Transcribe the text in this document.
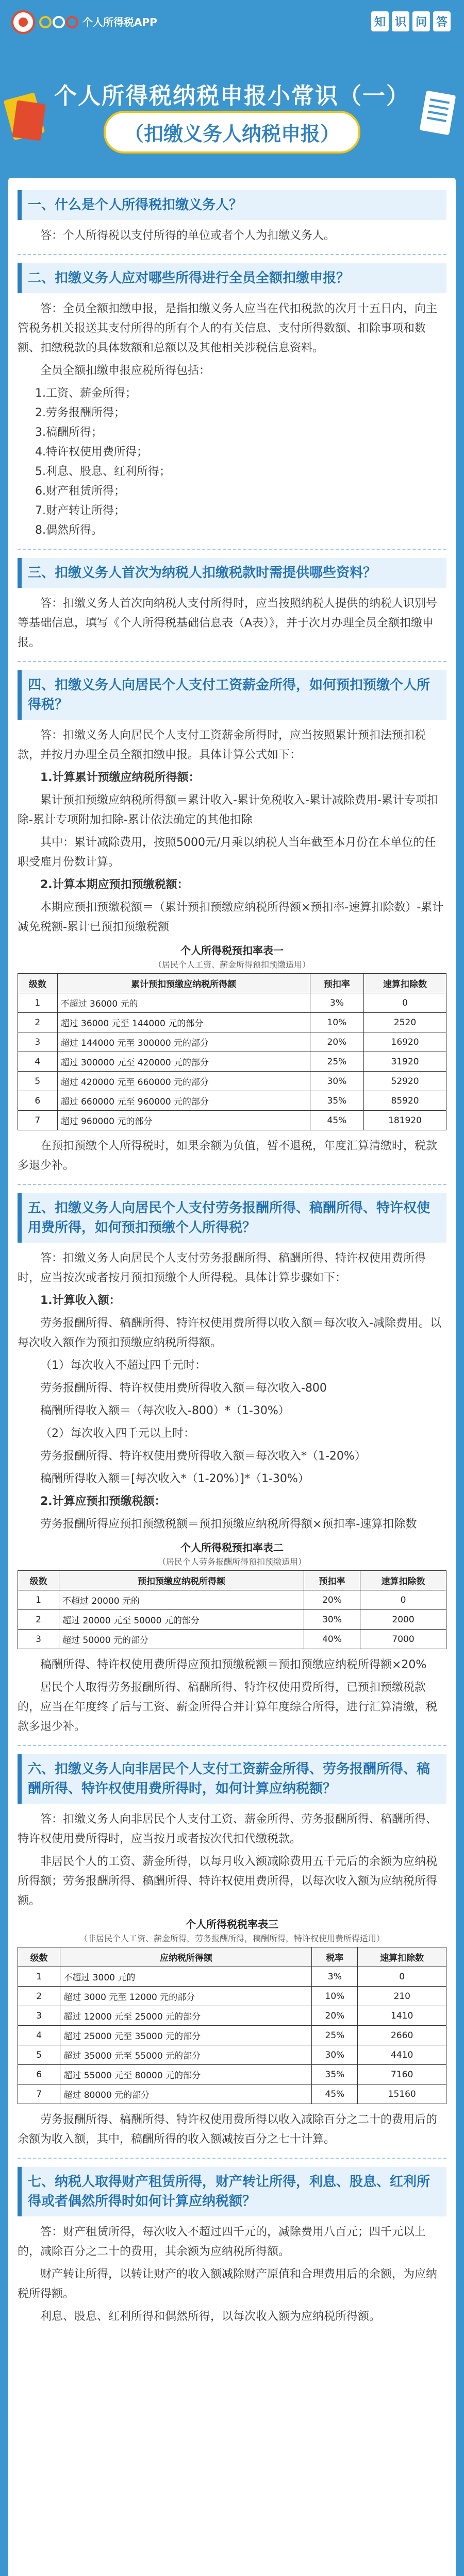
个人所得税APP	知 识 问 答
个人所得税纳税申报小常识（一）
（扣缴义务人纳税申报）
一、什么是个人所得税扣缴义务人？

答：个人所得税以支付所得的单位或者个人为扣缴义务人。

二、扣缴义务人应对哪些所得进行全员全额扣缴申报？

答：全员全额扣缴申报，是指扣缴义务人应当在代扣税款的次月十五日内，向主管税务机关报送其支付所得的所有个人的有关信息、支付所得数额、扣除事项和数额、扣缴税款的具体数额和总额以及其他相关涉税信息资料。

全员全额扣缴申报应税所得包括：

1.工资、薪金所得；

2.劳务报酬所得；

3.稿酬所得；

4.特许权使用费所得；

5.利息、股息、红利所得；

6.财产租赁所得；

7.财产转让所得；

8.偶然所得。

三、扣缴义务人首次为纳税人扣缴税款时需提供哪些资料？

答：扣缴义务人首次向纳税人支付所得时，应当按照纳税人提供的纳税人识别号等基础信息，填写《个人所得税基础信息表（A表）》，并于次月办理全员全额扣缴申报。

四、扣缴义务人向居民个人支付工资薪金所得，如何预扣预缴个人所得税？

答：扣缴义务人向居民个人支付工资薪金所得时，应当按照累计预扣法预扣税款，并按月办理全员全额扣缴申报。具体计算公式如下：

1.计算累计预缴应纳税所得额：

累计预扣预缴应纳税所得额＝累计收入-累计免税收入-累计减除费用-累计专项扣除-累计专项附加扣除-累计依法确定的其他扣除

其中：累计减除费用，按照5000元/月乘以纳税人当年截至本月份在本单位的任职受雇月份数计算。

2.计算本期应预扣预缴税额：

本期应预扣预缴税额＝（累计预扣预缴应纳税所得额×预扣率-速算扣除数）-累计减免税额-累计已预扣预缴税额

个人所得税预扣率表一
（居民个人工资、薪金所得预扣预缴适用）
级数	累计预扣预缴应纳税所得额	预扣率	速算扣除数
1	不超过 36000 元的	3%	0
2	超过 36000 元至 144000 元的部分	10%	2520
3	超过 144000 元至 300000 元的部分	20%	16920
4	超过 300000 元至 420000 元的部分	25%	31920
5	超过 420000 元至 660000 元的部分	30%	52920
6	超过 660000 元至 960000 元的部分	35%	85920
7	超过 960000 元的部分	45%	181920

在预扣预缴个人所得税时，如果余额为负值，暂不退税，年度汇算清缴时，税款多退少补。

五、扣缴义务人向居民个人支付劳务报酬所得、稿酬所得、特许权使用费所得，如何预扣预缴个人所得税？

答：扣缴义务人向居民个人支付劳务报酬所得、稿酬所得、特许权使用费所得时，应当按次或者按月预扣预缴个人所得税。具体计算步骤如下：

1.计算收入额：

劳务报酬所得、稿酬所得、特许权使用费所得以收入额＝每次收入-减除费用。以每次收入额作为预扣预缴应纳税所得额。

（1）每次收入不超过四千元时：

劳务报酬所得、特许权使用费所得收入额＝每次收入-800

稿酬所得收入额＝（每次收入-800）*（1-30%）

（2）每次收入四千元以上时：

劳务报酬所得、特许权使用费所得收入额＝每次收入*（1-20%）

稿酬所得收入额＝[每次收入*（1-20%）]*（1-30%）

2.计算应预扣预缴税额：

劳务报酬所得应预扣预缴税额＝预扣预缴应纳税所得额×预扣率-速算扣除数

个人所得税预扣率表二
（居民个人劳务报酬所得预扣预缴适用）
级数	预扣预缴应纳税所得额	预扣率	速算扣除数
1	不超过 20000 元的	20%	0
2	超过 20000 元至 50000 元的部分	30%	2000
3	超过 50000 元的部分	40%	7000

稿酬所得、特许权使用费所得应预扣预缴税额＝预扣预缴应纳税所得额×20%

居民个人取得劳务报酬所得、稿酬所得、特许权使用费所得，已预扣预缴税款的，应当在年度终了后与工资、薪金所得合并计算年度综合所得，进行汇算清缴，税款多退少补。

六、扣缴义务人向非居民个人支付工资薪金所得、劳务报酬所得、稿酬所得、特许权使用费所得时，如何计算应纳税额？

答：扣缴义务人向非居民个人支付工资、薪金所得、劳务报酬所得、稿酬所得、特许权使用费所得时，应当按月或者按次代扣代缴税款。

非居民个人的工资、薪金所得，以每月收入额减除费用五千元后的余额为应纳税所得额；劳务报酬所得、稿酬所得、特许权使用费所得，以每次收入额为应纳税所得额。

个人所得税税率表三
（非居民个人工资、薪金所得，劳务报酬所得，稿酬所得，特许权使用费所得适用）
级数	应纳税所得额	税率	速算扣除数
1	不超过 3000 元的	3%	0
2	超过 3000 元至 12000 元的部分	10%	210
3	超过 12000 元至 25000 元的部分	20%	1410
4	超过 25000 元至 35000 元的部分	25%	2660
5	超过 35000 元至 55000 元的部分	30%	4410
6	超过 55000 元至 80000 元的部分	35%	7160
7	超过 80000 元的部分	45%	15160

劳务报酬所得、稿酬所得、特许权使用费所得以收入减除百分之二十的费用后的余额为收入额，其中，稿酬所得的收入额减按百分之七十计算。

七、纳税人取得财产租赁所得，财产转让所得，利息、股息、红利所得或者偶然所得时如何计算应纳税额？

答：财产租赁所得，每次收入不超过四千元的，减除费用八百元；四千元以上的，减除百分之二十的费用，其余额为应纳税所得额。

财产转让所得，以转让财产的收入额减除财产原值和合理费用后的余额，为应纳税所得额。

利息、股息、红利所得和偶然所得，以每次收入额为应纳税所得额。
